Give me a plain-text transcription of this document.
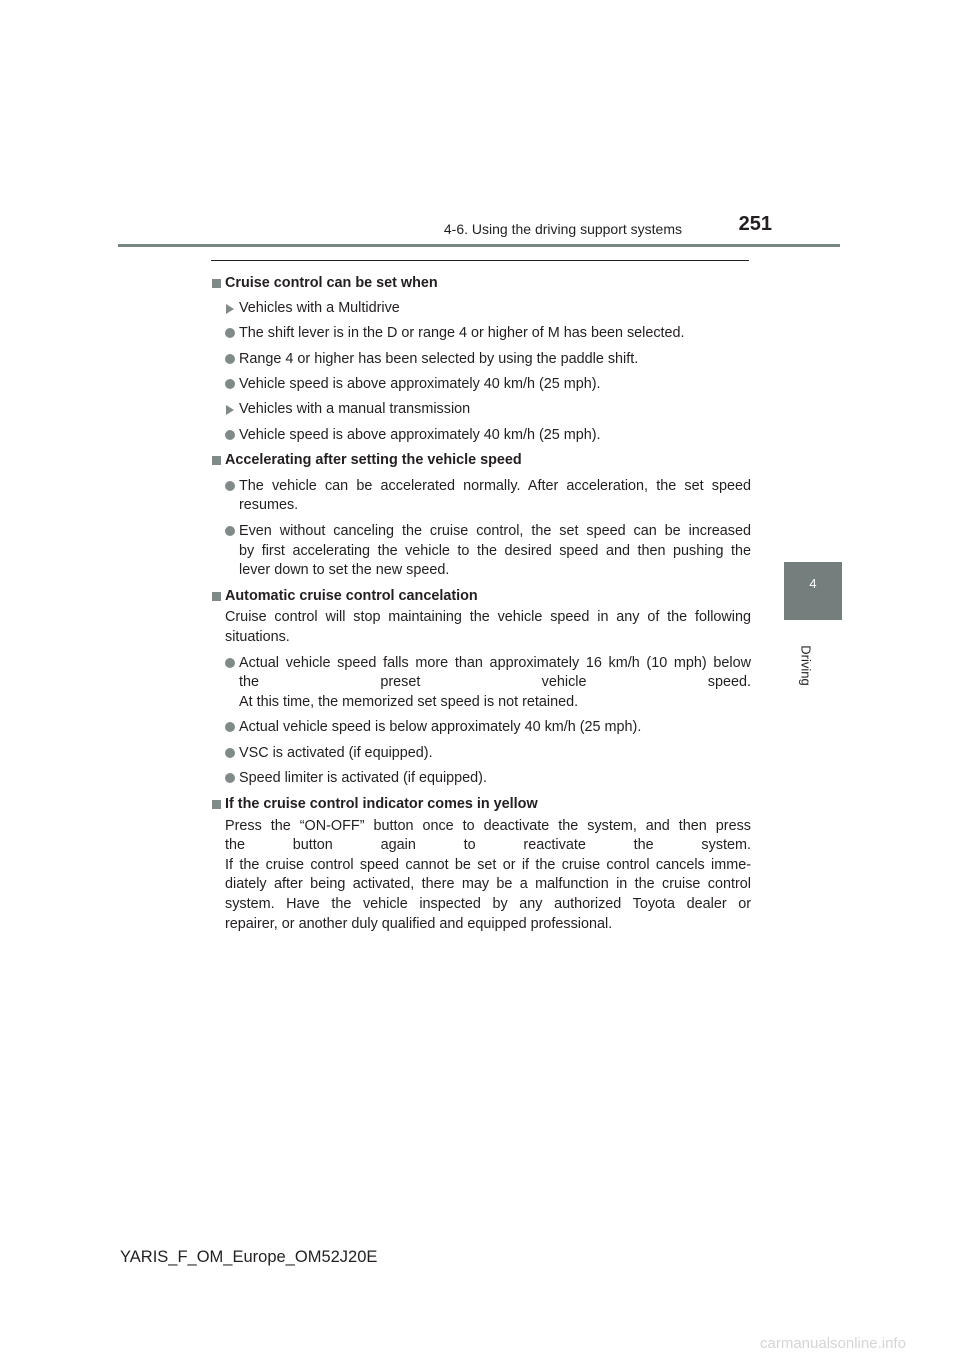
4-6. Using the driving support systems	251
4
Driving
Cruise control can be set when
Vehicles with a Multidrive
The shift lever is in the D or range 4 or higher of M has been selected.
Range 4 or higher has been selected by using the paddle shift.
Vehicle speed is above approximately 40 km/h (25 mph).
Vehicles with a manual transmission
Vehicle speed is above approximately 40 km/h (25 mph).
Accelerating after setting the vehicle speed
The vehicle can be accelerated normally. After acceleration, the set speed
resumes.
Even without canceling the cruise control, the set speed can be increased
by first accelerating the vehicle to the desired speed and then pushing the
lever down to set the new speed.
Automatic cruise control cancelation
Cruise control will stop maintaining the vehicle speed in any of the following
situations.
Actual vehicle speed falls more than approximately 16 km/h (10 mph) below
the preset vehicle speed.
At this time, the memorized set speed is not retained.
Actual vehicle speed is below approximately 40 km/h (25 mph).
VSC is activated (if equipped).
Speed limiter is activated (if equipped).
If the cruise control indicator comes in yellow
Press the “ON-OFF” button once to deactivate the system, and then press
the button again to reactivate the system.
If the cruise control speed cannot be set or if the cruise control cancels imme-
diately after being activated, there may be a malfunction in the cruise control
system. Have the vehicle inspected by any authorized Toyota dealer or
repairer, or another duly qualified and equipped professional.
YARIS_F_OM_Europe_OM52J20E
carmanualsonline.info
